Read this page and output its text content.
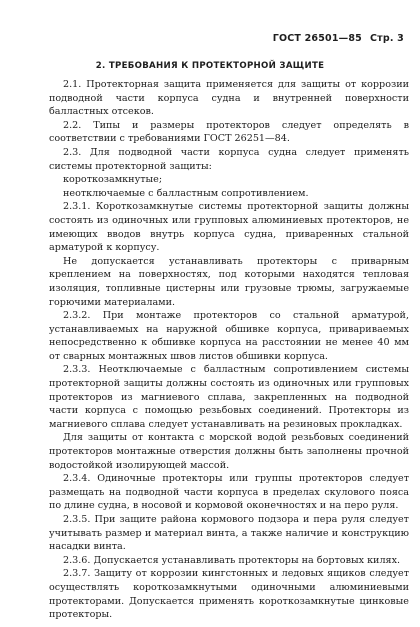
ГОСТ 26501—85 Стр. 3
2. ТРЕБОВАНИЯ К ПРОТЕКТОРНОЙ ЗАЩИТЕ

2.1. Протекторная защита применяется для защиты от коррозии подводной части корпуса судна и внутренней поверхности балластных отсеков.

2.2. Типы и размеры протекторов следует определять в соответствии с требованиями ГОСТ 26251—84.

2.3. Для подводной части корпуса судна следует применять системы протекторной защиты:

короткозамкнутые;

неотключаемые с балластным сопротивлением.

2.3.1. Короткозамкнутые системы протекторной защиты должны состоять из одиночных или групповых алюминиевых протекторов, не имеющих вводов внутрь корпуса судна, приваренных стальной арматурой к корпусу.

Не допускается устанавливать протекторы с приварным креплением на поверхностях, под которыми находятся тепловая изоляция, топливные цистерны или грузовые трюмы, загружаемые горючими материалами.

2.3.2. При монтаже протекторов со стальной арматурой, устанавливаемых на наружной обшивке корпуса, привариваемых непосредственно к обшивке корпуса на расстоянии не менее 40 мм от сварных монтажных швов листов обшивки корпуса.

2.3.3. Неотключаемые с балластным сопротивлением системы протекторной защиты должны состоять из одиночных или групповых протекторов из магниевого сплава, закрепленных на подводной части корпуса с помощью резьбовых соединений. Протекторы из магниевого сплава следует устанавливать на резиновых прокладках.

Для защиты от контакта с морской водой резьбовых соединений протекторов монтажные отверстия должны быть заполнены прочной водостойкой изолирующей массой.

2.3.4. Одиночные протекторы или группы протекторов следует размещать на подводной части корпуса в пределах скулового пояса по длине судна, в носовой и кормовой оконечностях и на перо руля.

2.3.5. При защите района кормового подзора и пера руля следует учитывать размер и материал винта, а также наличие и конструкцию насадки винта.

2.3.6. Допускается устанавливать протекторы на бортовых килях.

2.3.7. Защиту от коррозии кингстонных и ледовых ящиков следует осуществлять короткозамкнутыми одиночными алюминиевыми протекторами. Допускается применять короткозамкнутые цинковые протекторы.
